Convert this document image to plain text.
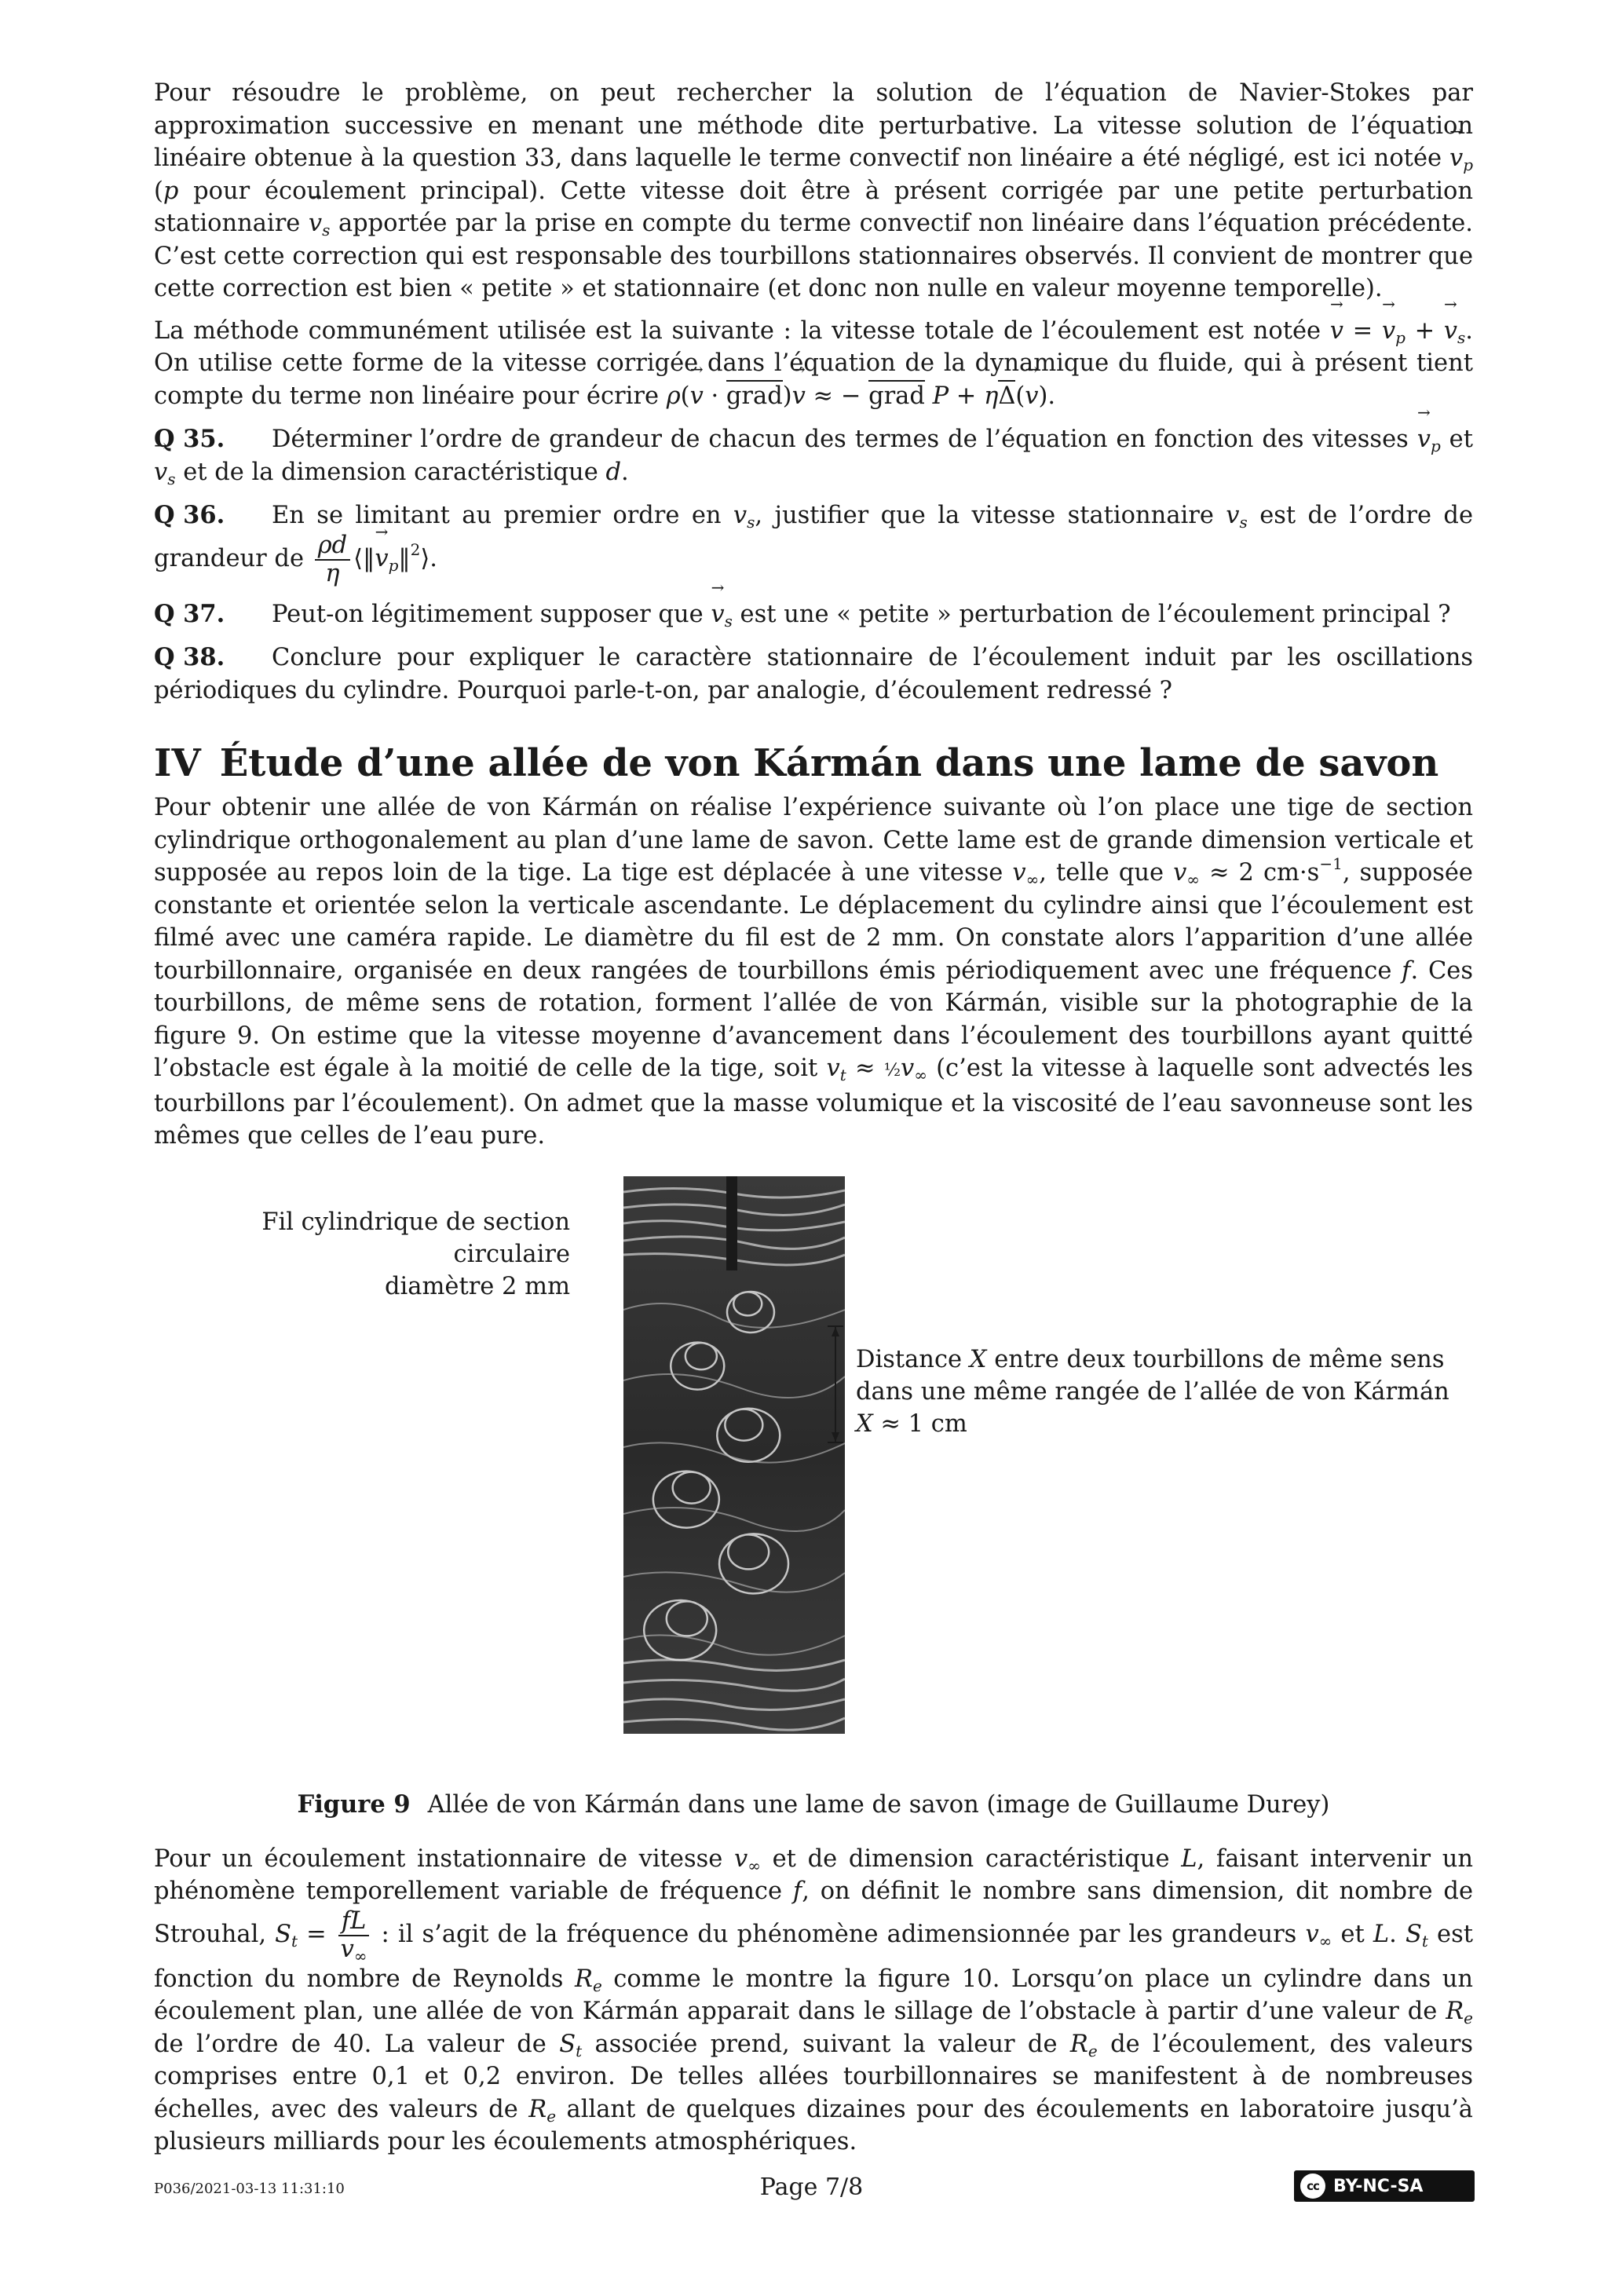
Pour résoudre le problème, on peut rechercher la solution de l’équation de Navier-Stokes par approximation successive en menant une méthode dite perturbative. La vitesse solution de l’équation linéaire obtenue à la question 33, dans laquelle le terme convectif non linéaire a été négligé, est ici notée → $v_p$ (p pour écoulement principal). Cette vitesse doit être à présent corrigée par une petite perturbation stationnaire → $v_s$ apportée par la prise en compte du terme convectif non linéaire dans l’équation précédente. C’est cette correction qui est responsable des tourbillons stationnaires observés. Il convient de montrer que cette correction est bien « petite » et stationnaire (et donc non nulle en valeur moyenne temporelle).

La méthode communément utilisée est la suivante : la vitesse totale de l’écoulement est notée → v = → $v_p$ + → $v_s$. On utilise cette forme de la vitesse corrigée dans l’équation de la dynamique du fluide, qui à présent tient compte du terme non linéaire pour écrire ρ(→ v · grad)→ v ≈ − grad P + ηΔ(→ v).

Q 35. Déterminer l’ordre de grandeur de chacun des termes de l’équation en fonction des vitesses → $v_p$ et → $v_s$ et de la dimension caractéristique d.

Q 36. En se limitant au premier ordre en $v_s$, justifier que la vitesse stationnaire $v_s$ est de l’ordre de grandeur de $\frac{\rho d}{\eta}$ ⟨‖→ $v_p‖^2⟩$.

Q 37. Peut-on légitimement supposer que → $v_s$ est une « petite » perturbation de l’écoulement principal ?

Q 38. Conclure pour expliquer le caractère stationnaire de l’écoulement induit par les oscillations périodiques du cylindre. Pourquoi parle-t-on, par analogie, d’écoulement redressé ?

IV Étude d’une allée de von Kármán dans une lame de savon

Pour obtenir une allée de von Kármán on réalise l’expérience suivante où l’on place une tige de section cylindrique orthogonalement au plan d’une lame de savon. Cette lame est de grande dimension verticale et supposée au repos loin de la tige. La tige est déplacée à une vitesse $v_\infty$, telle que $v_\infty \approx 2$ $cm\cdot s^{-1}$, supposée constante et orientée selon la verticale ascendante. Le déplacement du cylindre ainsi que l’écoulement est filmé avec une caméra rapide. Le diamètre du fil est de 2 mm. On constate alors l’apparition d’une allée tourbillonnaire, organisée en deux rangées de tourbillons émis périodiquement avec une fréquence f. Ces tourbillons, de même sens de rotation, forment l’allée de von Kármán, visible sur la photographie de la figure 9. On estime que la vitesse moyenne d’avancement dans l’écoulement des tourbillons ayant quitté l’obstacle est égale à la moitié de celle de la tige, soit $v_t$ ≈ $\frac{1}{2}v_\infty$ (c’est la vitesse à laquelle sont advectés les tourbillons par l’écoulement). On admet que la masse volumique et la viscosité de l’eau savonneuse sont les mêmes que celles de l’eau pure.

Fil cylindrique de section circulaire
diamètre 2 mm
Distance X entre deux tourbillons de même sens
dans une même rangée de l’allée de von Kármán
X ≈ 1 cm
Figure 9 Allée de von Kármán dans une lame de savon (image de Guillaume Durey)

Pour un écoulement instationnaire de vitesse $v_\infty$ et de dimension caractéristique L, faisant intervenir un phénomène temporellement variable de fréquence f, on définit le nombre sans dimension, dit nombre de Strouhal, $S_t = \frac{fL}{v_\infty}$ : il s’agit de la fréquence du phénomène adimensionnée par les grandeurs $v_\infty$ et L. $S_t$ est fonction du nombre de Reynolds $R_e$ comme le montre la figure 10. Lorsqu’on place un cylindre dans un écoulement plan, une allée de von Kármán apparait dans le sillage de l’obstacle à partir d’une valeur de $R_e$ de l’ordre de 40. La valeur de $S_t$ associée prend, suivant la valeur de $R_e$ de l’écoulement, des valeurs comprises entre 0,1 et 0,2 environ. De telles allées tourbillonnaires se manifestent à de nombreuses échelles, avec des valeurs de $R_e$ allant de quelques dizaines pour des écoulements en laboratoire jusqu’à plusieurs milliards pour les écoulements atmosphériques.

P036/2021-03-13 11:31:10	Page 7/8	cc BY-NC-SA
